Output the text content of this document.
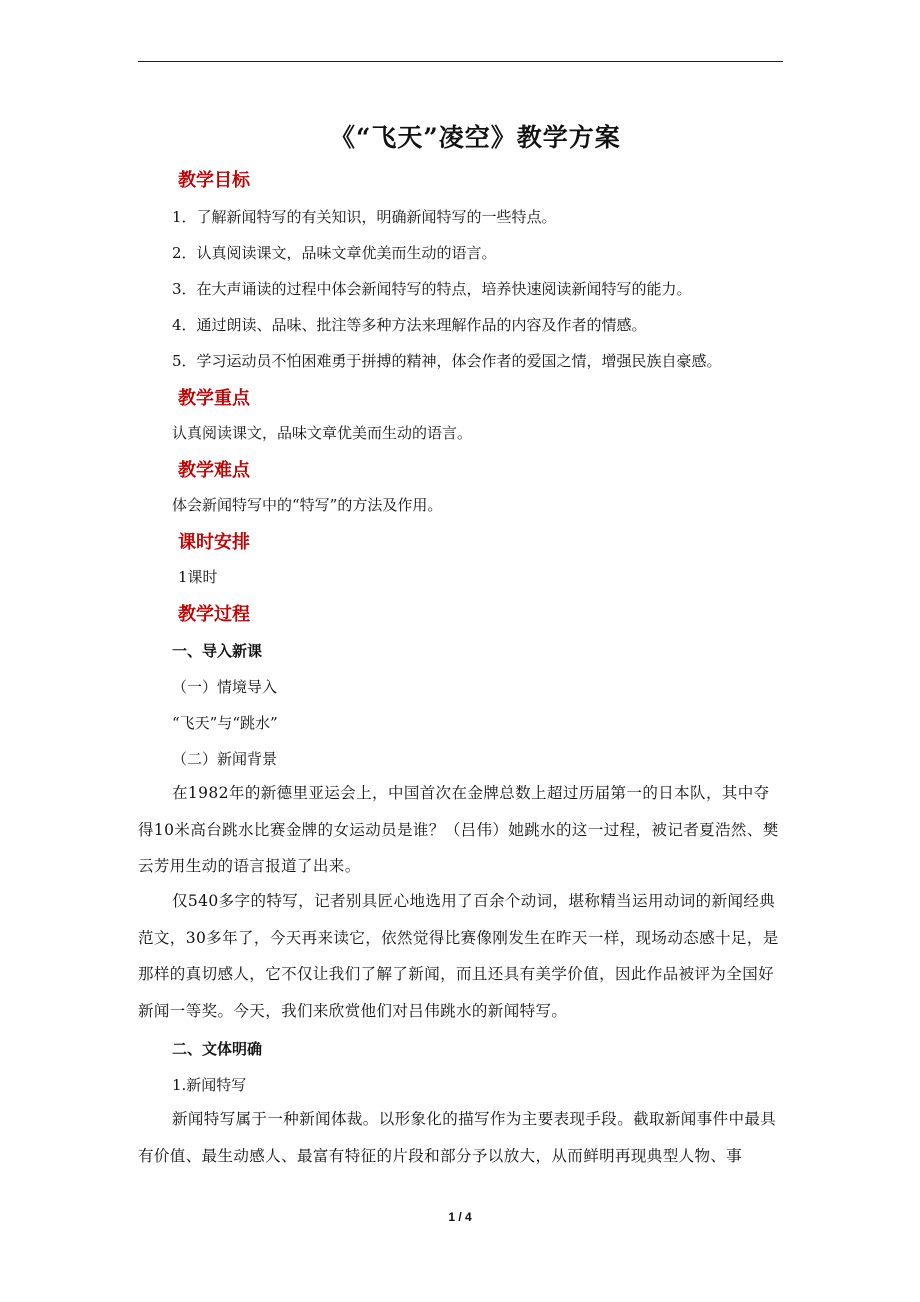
《“飞天”凌空》教学方案
教学目标
1．了解新闻特写的有关知识，明确新闻特写的一些特点。
2．认真阅读课文，品味文章优美而生动的语言。
3．在大声诵读的过程中体会新闻特写的特点，培养快速阅读新闻特写的能力。
4．通过朗读、品味、批注等多种方法来理解作品的内容及作者的情感。
5．学习运动员不怕困难勇于拼搏的精神，体会作者的爱国之情，增强民族自豪感。
教学重点
认真阅读课文，品味文章优美而生动的语言。
教学难点
体会新闻特写中的“特写”的方法及作用。
课时安排
1课时
教学过程
一、导入新课
（一）情境导入
“飞天”与“跳水”
（二）新闻背景
在1982年的新德里亚运会上，中国首次在金牌总数上超过历届第一的日本队，其中夺得10米高台跳水比赛金牌的女运动员是谁？（吕伟）她跳水的这一过程，被记者夏浩然、樊云芳用生动的语言报道了出来。
仅540多字的特写，记者别具匠心地选用了百余个动词，堪称精当运用动词的新闻经典范文，30多年了，今天再来读它，依然觉得比赛像刚发生在昨天一样，现场动态感十足，是那样的真切感人，它不仅让我们了解了新闻，而且还具有美学价值，因此作品被评为全国好新闻一等奖。今天，我们来欣赏他们对吕伟跳水的新闻特写。
二、文体明确
1.新闻特写
新闻特写属于一种新闻体裁。以形象化的描写作为主要表现手段。截取新闻事件中最具有价值、最生动感人、最富有特征的片段和部分予以放大，从而鲜明再现典型人物、事
1 / 4
